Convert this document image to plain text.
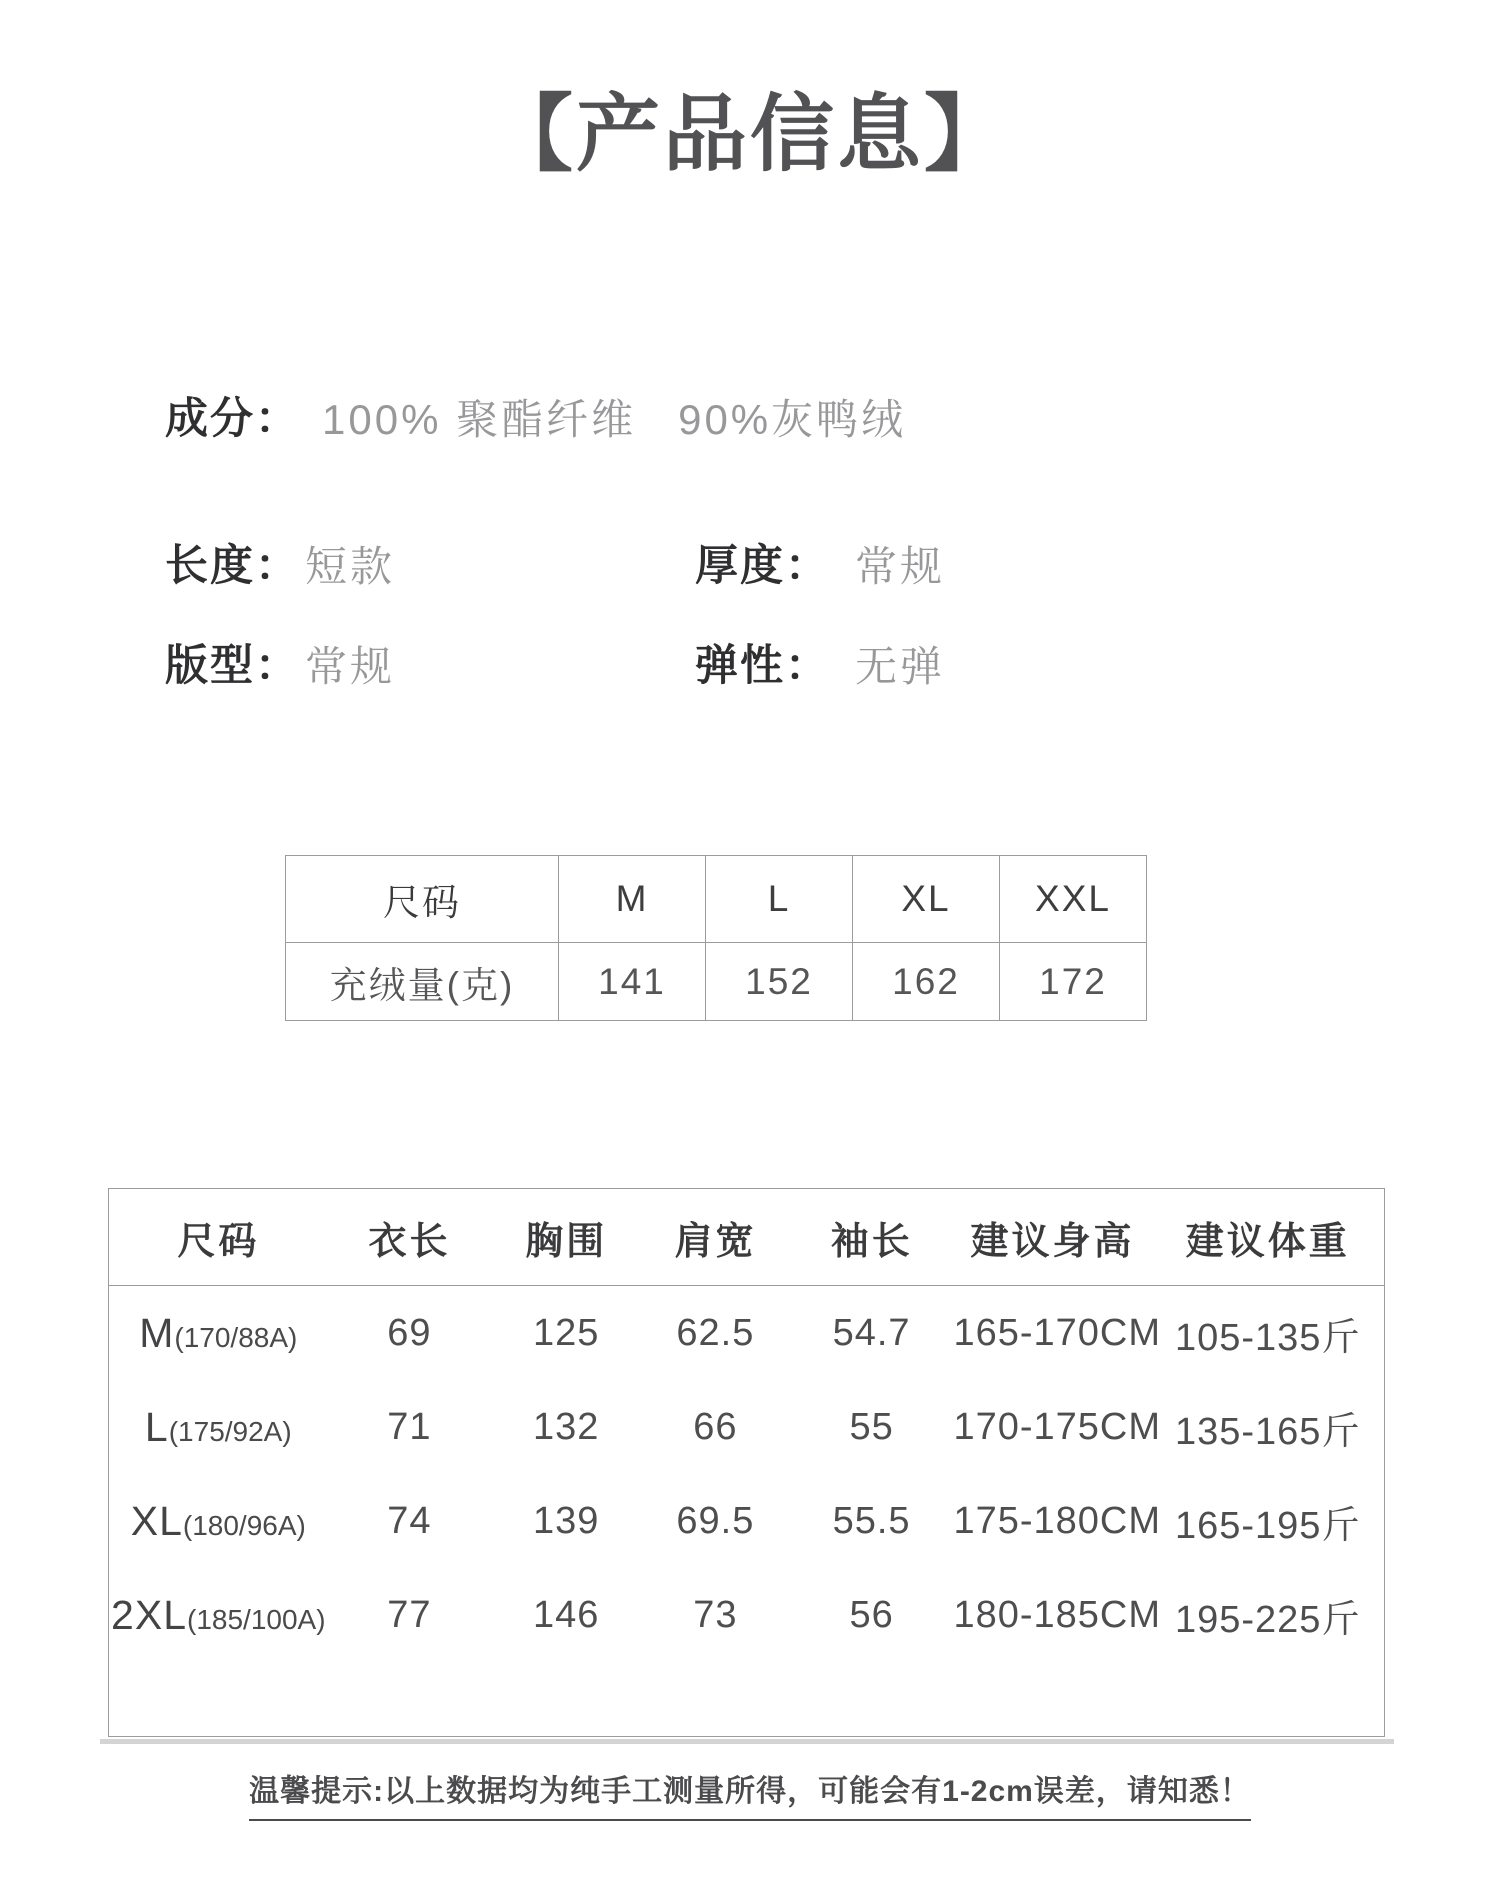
【产品信息】
成分： 100% 聚酯纤维 90%灰鸭绒
长度： 短款	厚度： 常规
版型： 常规	弹性： 无弹
尺码	M	L	XL	XXL
充绒量(克)	141	152	162	172
尺码	衣长	胸围	肩宽	袖长	建议身高	建议体重
M(170/88A)	69	125	62.5	54.7	165-170CM 105-135斤
L(175/92A)	71	132	66	55	170-175CM 135-165斤
XL(180/96A)	74	139	69.5	55.5	175-180CM 165-195斤
2XL(185/100A)	77	146	73	56	180-185CM 195-225斤
温馨提示:以上数据均为纯手工测量所得，可能会有1-2cm误差，请知悉！
